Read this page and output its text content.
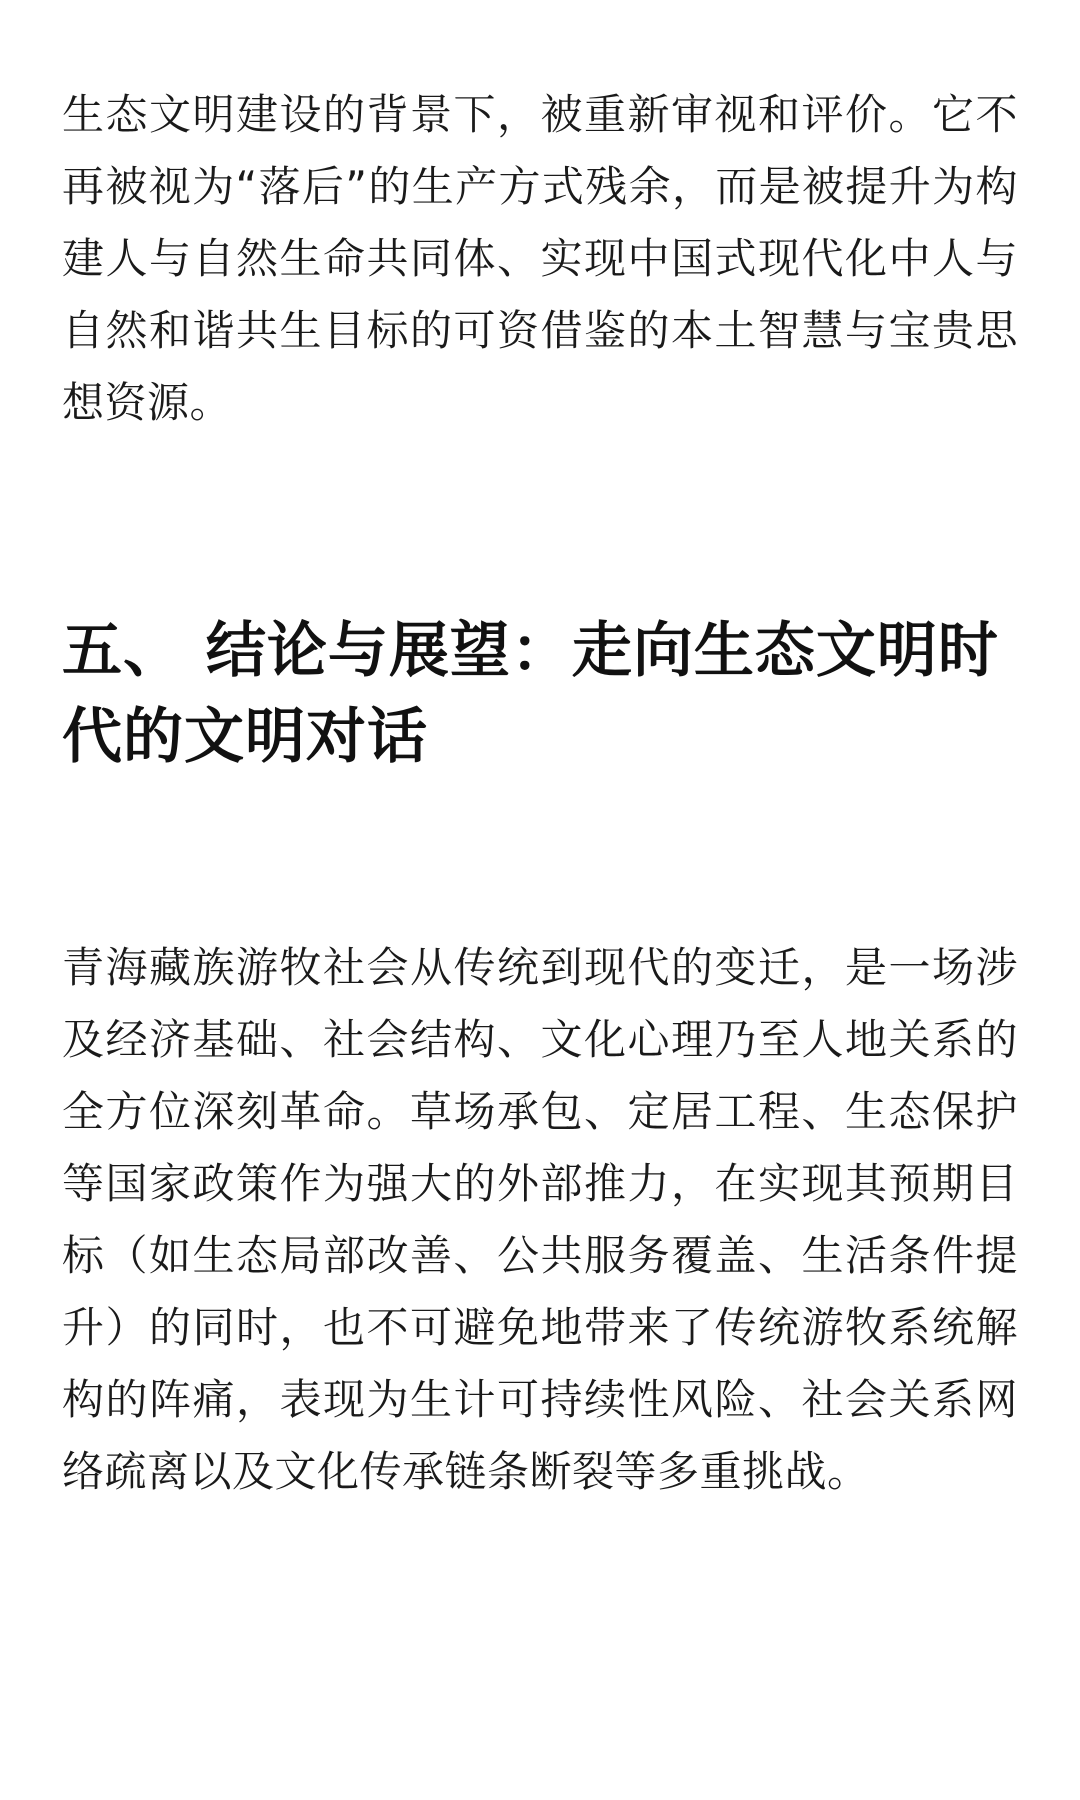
生态文明建设的背景下，被重新审视和评价。它不再被视为“落后”的生产方式残余，而是被提升为构建人与自然生命共同体、实现中国式现代化中人与自然和谐共生目标的可资借鉴的本土智慧与宝贵思想资源。

五、 结论与展望：走向生态文明时代的文明对话

青海藏族游牧社会从传统到现代的变迁，是一场涉及经济基础、社会结构、文化心理乃至人地关系的全方位深刻革命。草场承包、定居工程、生态保护等国家政策作为强大的外部推力，在实现其预期目标（如生态局部改善、公共服务覆盖、生活条件提升）的同时，也不可避免地带来了传统游牧系统解构的阵痛，表现为生计可持续性风险、社会关系网络疏离以及文化传承链条断裂等多重挑战。
